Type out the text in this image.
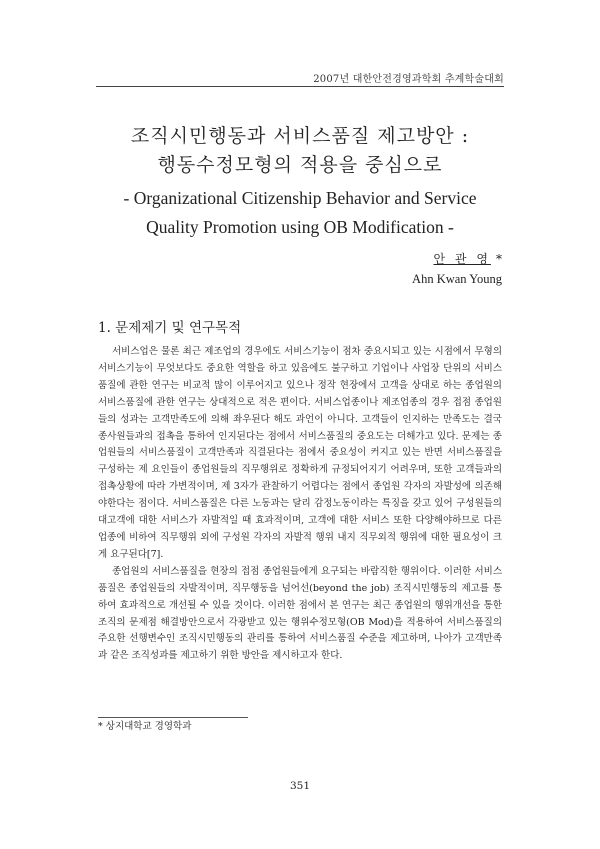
2007년 대한안전경영과학회 추계학술대회
조직시민행동과 서비스품질 제고방안 :
행동수정모형의 적용을 중심으로
- Organizational Citizenship Behavior and Service
Quality Promotion using OB Modification -
안 관 영 *
Ahn Kwan Young
1. 문제제기 및 연구목적

서비스업은 물론 최근 제조업의 경우에도 서비스기능이 점차 중요시되고 있는 시점에서 무형의 서비스기능이 무엇보다도 중요한 역할을 하고 있음에도 불구하고 기업이나 사업장 단위의 서비스품질에 관한 연구는 비교적 많이 이루어지고 있으나 정작 현장에서 고객을 상대로 하는 종업원의 서비스품질에 관한 연구는 상대적으로 적은 편이다. 서비스업종이나 제조업종의 경우 접점 종업원들의 성과는 고객만족도에 의해 좌우된다 해도 과언이 아니다. 고객들이 인지하는 만족도는 결국 종사원들과의 접촉을 통하여 인지된다는 점에서 서비스품질의 중요도는 더해가고 있다. 문제는 종업원들의 서비스품질이 고객만족과 직결된다는 점에서 중요성이 커지고 있는 반면 서비스품질을 구성하는 제 요인들이 종업원들의 직무행위로 정확하게 규정되어지기 어려우며, 또한 고객들과의 접촉상황에 따라 가변적이며, 제 3자가 관찰하기 어렵다는 점에서 종업원 각자의 자발성에 의존해야한다는 점이다. 서비스품질은 다른 노동과는 달리 감정노동이라는 특징을 갖고 있어 구성원들의 대고객에 대한 서비스가 자발적일 때 효과적이며, 고객에 대한 서비스 또한 다양해야하므로 다른 업종에 비하여 직무행위 외에 구성원 각자의 자발적 행위 내지 직무외적 행위에 대한 필요성이 크게 요구된다[7].

종업원의 서비스품질을 현장의 접점 종업원들에게 요구되는 바람직한 행위이다. 이러한 서비스품질은 종업원들의 자발적이며, 직무행동을 넘어선(beyond the job) 조직시민행동의 제고를 통하여 효과적으로 개선될 수 있을 것이다. 이러한 점에서 본 연구는 최근 종업원의 행위개선을 통한 조직의 문제점 해결방안으로서 각광받고 있는 행위수정모형(OB Mod)을 적용하여 서비스품질의 주요한 선행변수인 조직시민행동의 관리를 통하여 서비스품질 수준을 제고하며, 나아가 고객만족과 같은 조직성과를 제고하기 위한 방안을 제시하고자 한다.

* 상지대학교 경영학과
351
